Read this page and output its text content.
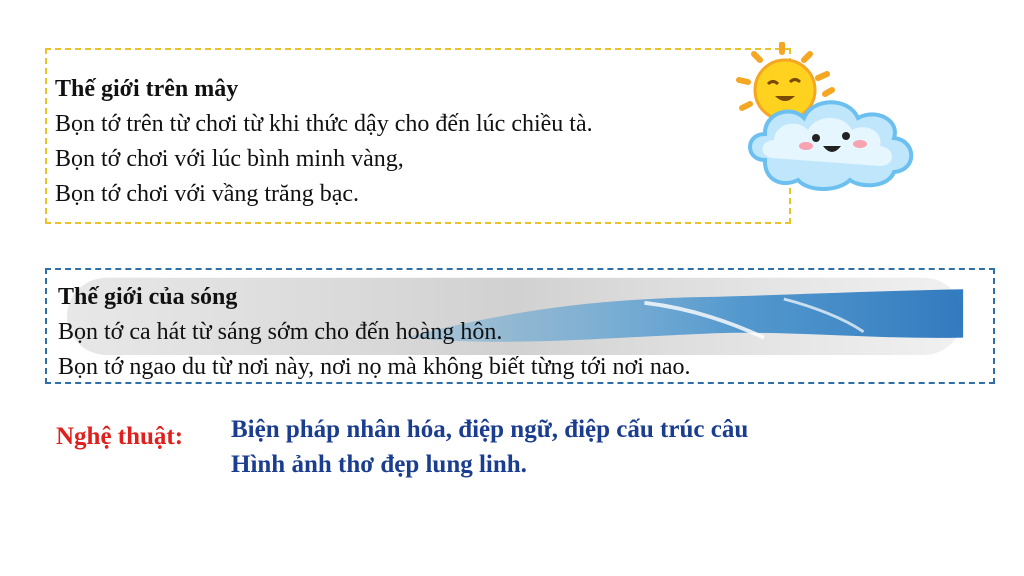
Thế giới trên mây
Bọn tớ trên từ chơi từ khi thức dậy cho đến lúc chiều tà.
Bọn tớ chơi với lúc bình minh vàng,
Bọn tớ chơi với vầng trăng bạc.
Thế giới của sóng
Bọn tớ ca hát từ sáng sớm cho đến hoàng hôn.
Bọn tớ ngao du từ nơi này, nơi nọ mà không biết từng tới nơi nao.
Nghệ thuật: Biện pháp nhân hóa, điệp ngữ, điệp cấu trúc câu
Hình ảnh thơ đẹp lung linh.
